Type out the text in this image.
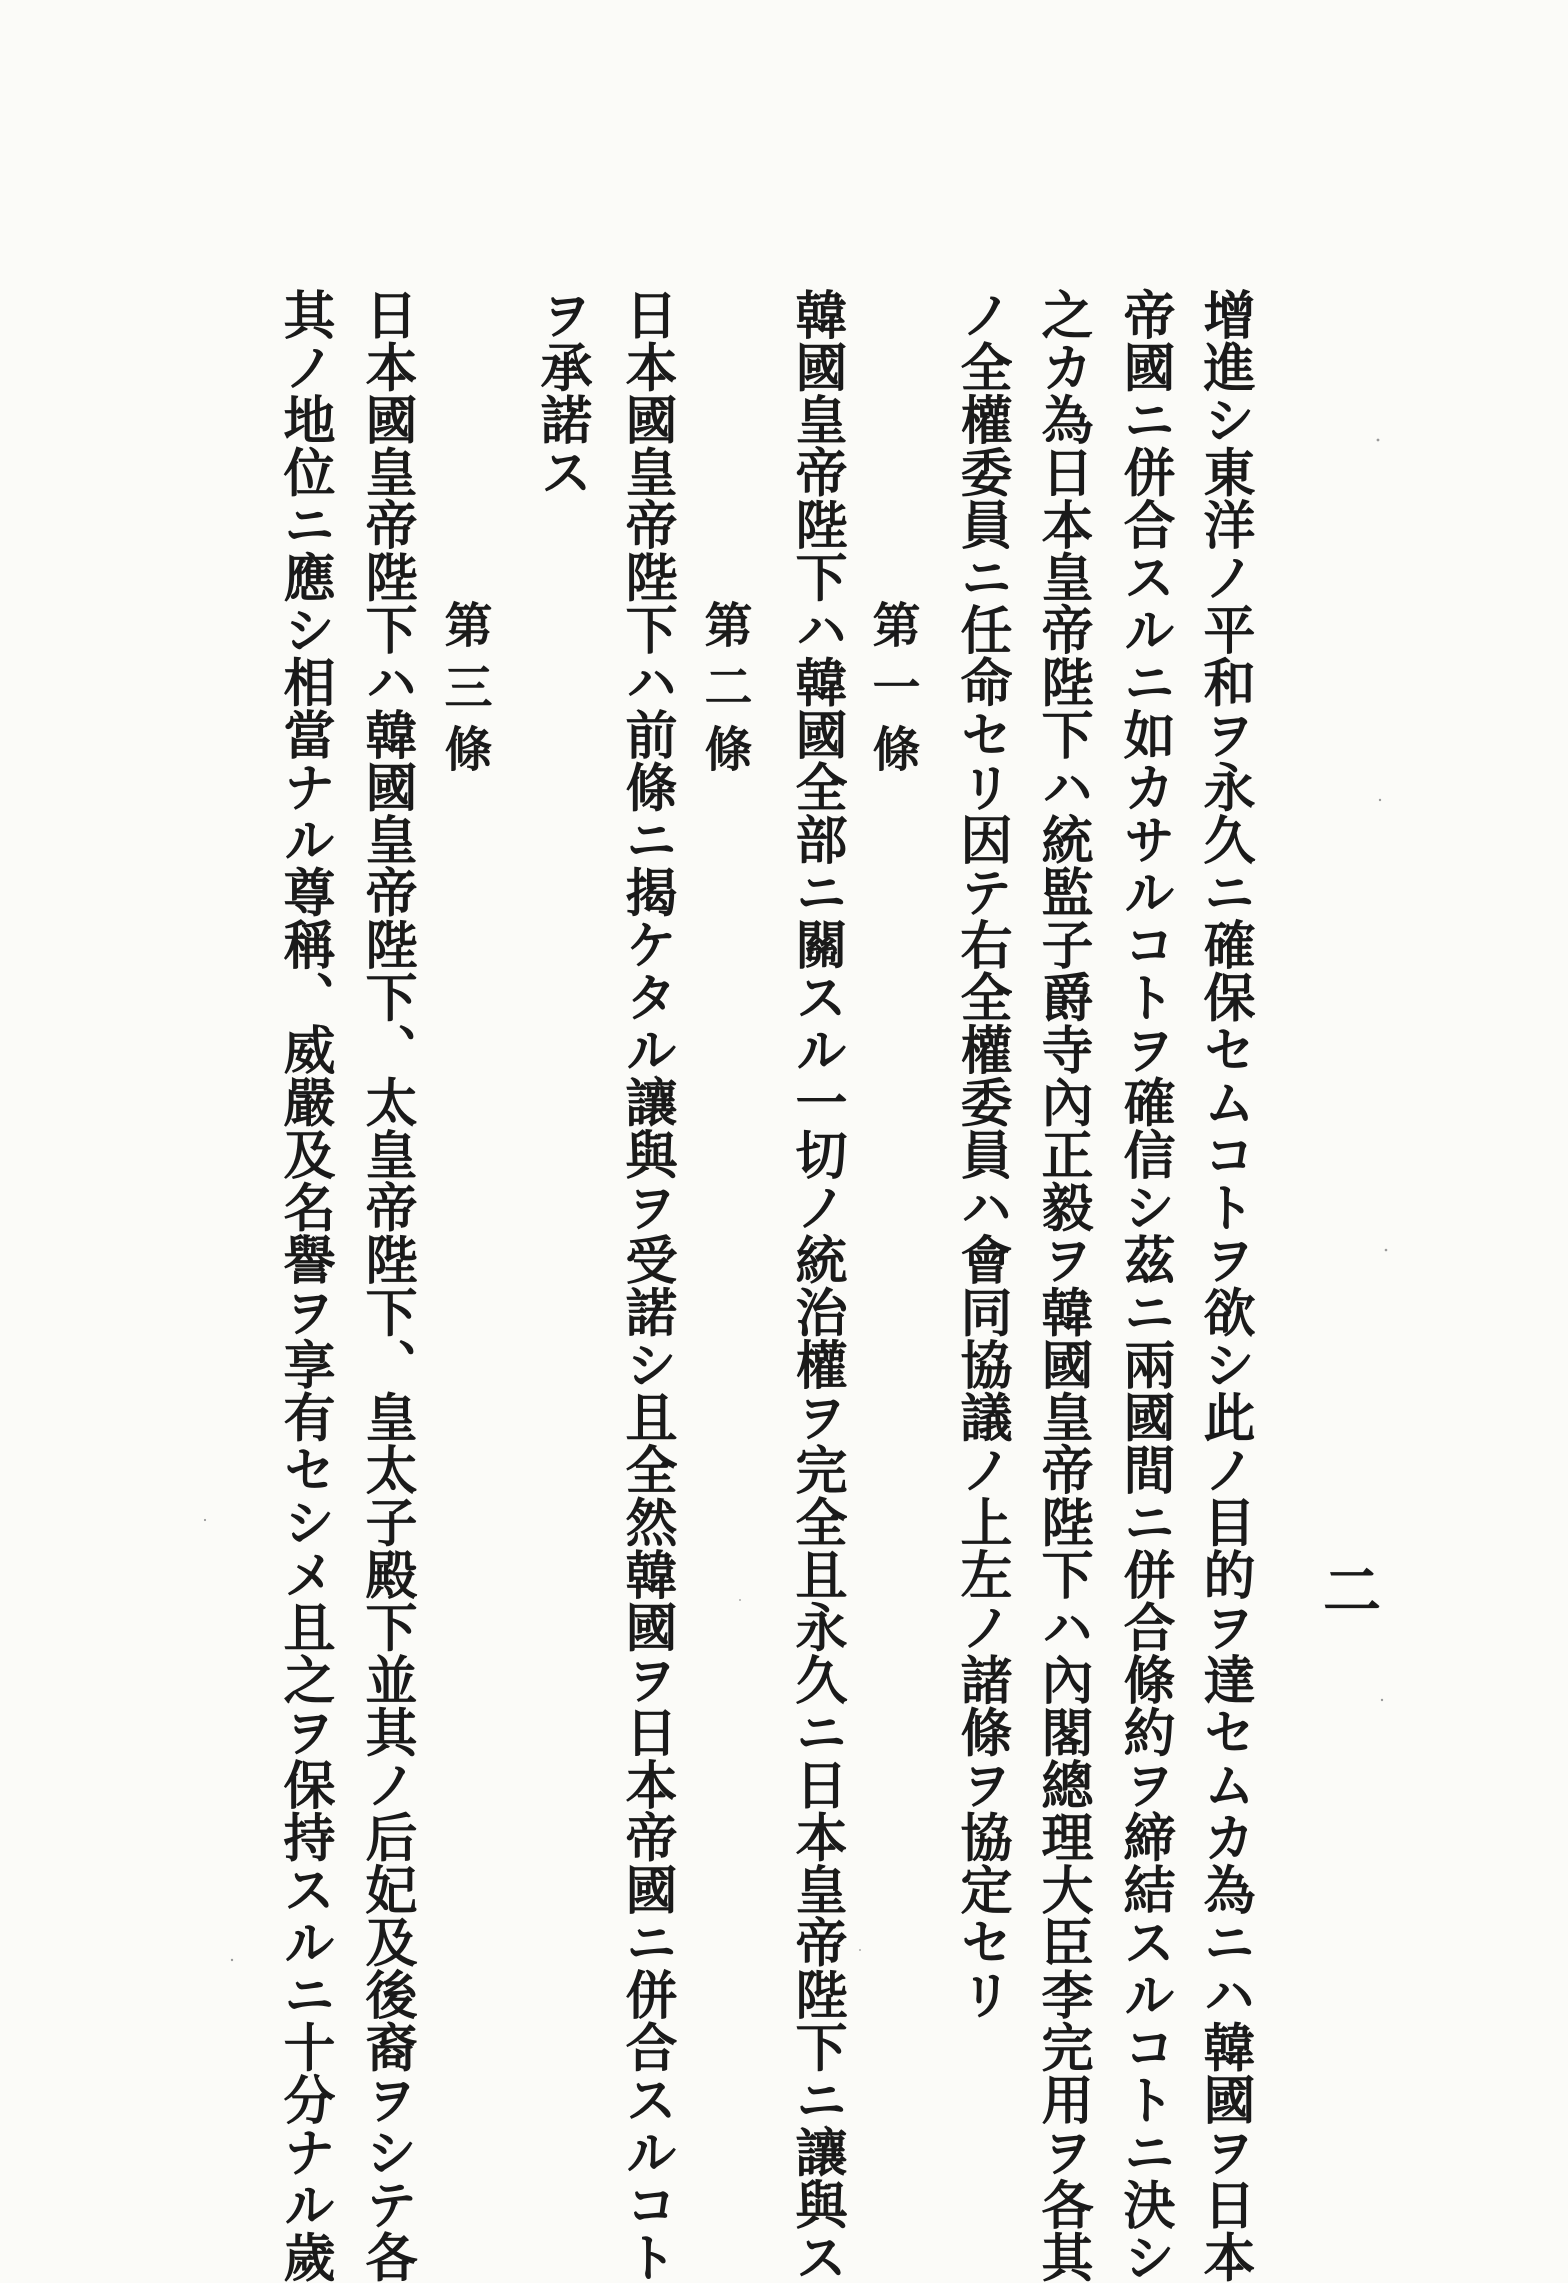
二
增進シ東洋ノ平和ヲ永久ニ確保セムコトヲ欲シ此ノ目的ヲ達セムカ為ニハ韓國ヲ日本
帝國ニ併合スルニ如カサルコトヲ確信シ茲ニ兩國間ニ併合條約ヲ締結スルコトニ決シ
之カ為日本皇帝陛下ハ統監子爵寺內正毅ヲ韓國皇帝陛下ハ內閣總理大臣李完用ヲ各其
ノ全權委員ニ任命セリ因テ右全權委員ハ會同協議ノ上左ノ諸條ヲ協定セリ
第一條
韓國皇帝陛下ハ韓國全部ニ關スル一切ノ統治權ヲ完全且永久ニ日本皇帝陛下ニ讓與ス
第二條
日本國皇帝陛下ハ前條ニ揭ケタル讓與ヲ受諾シ且全然韓國ヲ日本帝國ニ併合スルコト
ヲ承諾ス
第三條
日本國皇帝陛下ハ韓國皇帝陛下、太皇帝陛下、皇太子殿下並其ノ后妃及後裔ヲシテ各
其ノ地位ニ應シ相當ナル尊稱、威嚴及名譽ヲ享有セシメ且之ヲ保持スルニ十分ナル歲
